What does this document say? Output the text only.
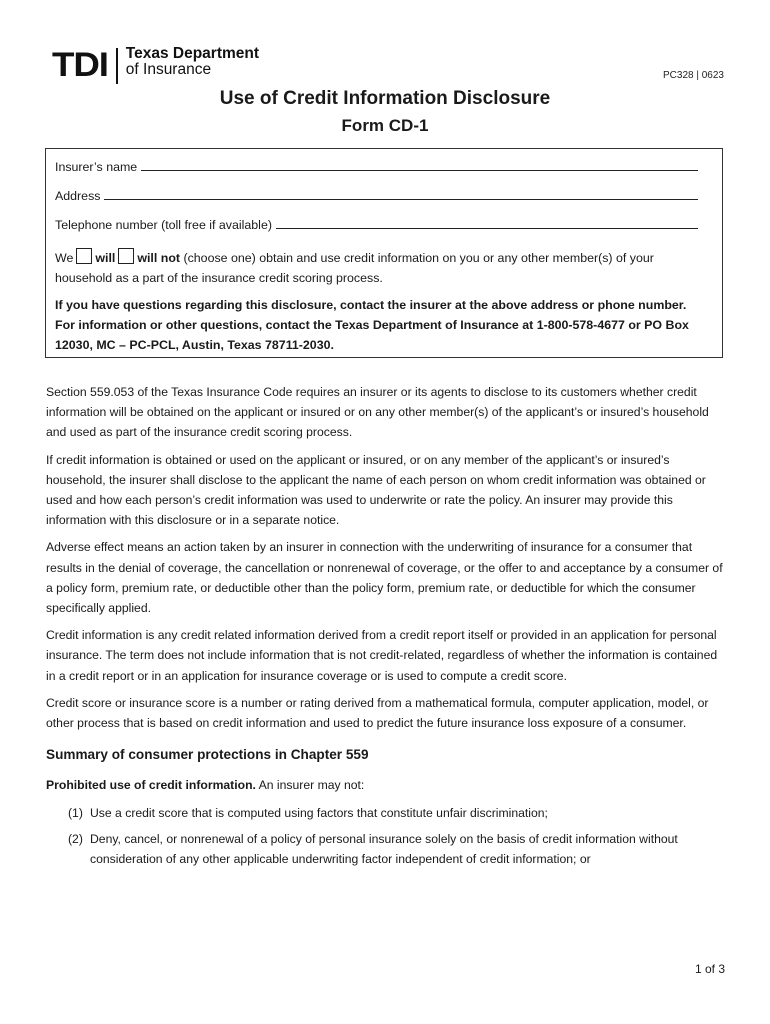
TDI Texas Department
of Insurance	PC328 | 0623
Use of Credit Information Disclosure
Form CD-1
Insurer’s name
Address
Telephone number (toll free if available)
We will will not (choose one) obtain and use credit information on you or any other member(s) of your household as a part of the insurance credit scoring process.
If you have questions regarding this disclosure, contact the insurer at the above address or phone number. For information or other questions, contact the Texas Department of Insurance at 1-800-578-4677 or PO Box 12030, MC – PC-PCL, Austin, Texas 78711-2030.

Section 559.053 of the Texas Insurance Code requires an insurer or its agents to disclose to its customers whether credit information will be obtained on the applicant or insured or on any other member(s) of the applicant’s or insured’s household and used as part of the insurance credit scoring process.

If credit information is obtained or used on the applicant or insured, or on any member of the applicant’s or insured’s household, the insurer shall disclose to the applicant the name of each person on whom credit information was obtained or used and how each person’s credit information was used to underwrite or rate the policy. An insurer may provide this information with this disclosure or in a separate notice.

Adverse effect means an action taken by an insurer in connection with the underwriting of insurance for a consumer that results in the denial of coverage, the cancellation or nonrenewal of coverage, or the offer to and acceptance by a consumer of a policy form, premium rate, or deductible other than the policy form, premium rate, or deductible for which the consumer specifically applied.

Credit information is any credit related information derived from a credit report itself or provided in an application for personal insurance. The term does not include information that is not credit-related, regardless of whether the information is contained in a credit report or in an application for insurance coverage or is used to compute a credit score.

Credit score or insurance score is a number or rating derived from a mathematical formula, computer application, model, or other process that is based on credit information and used to predict the future insurance loss exposure of a consumer.

Summary of consumer protections in Chapter 559

Prohibited use of credit information. An insurer may not:

(1) Use a credit score that is computed using factors that constitute unfair discrimination;
(2) Deny, cancel, or nonrenewal of a policy of personal insurance solely on the basis of credit information without consideration of any other applicable underwriting factor independent of credit information; or
1 of 3
